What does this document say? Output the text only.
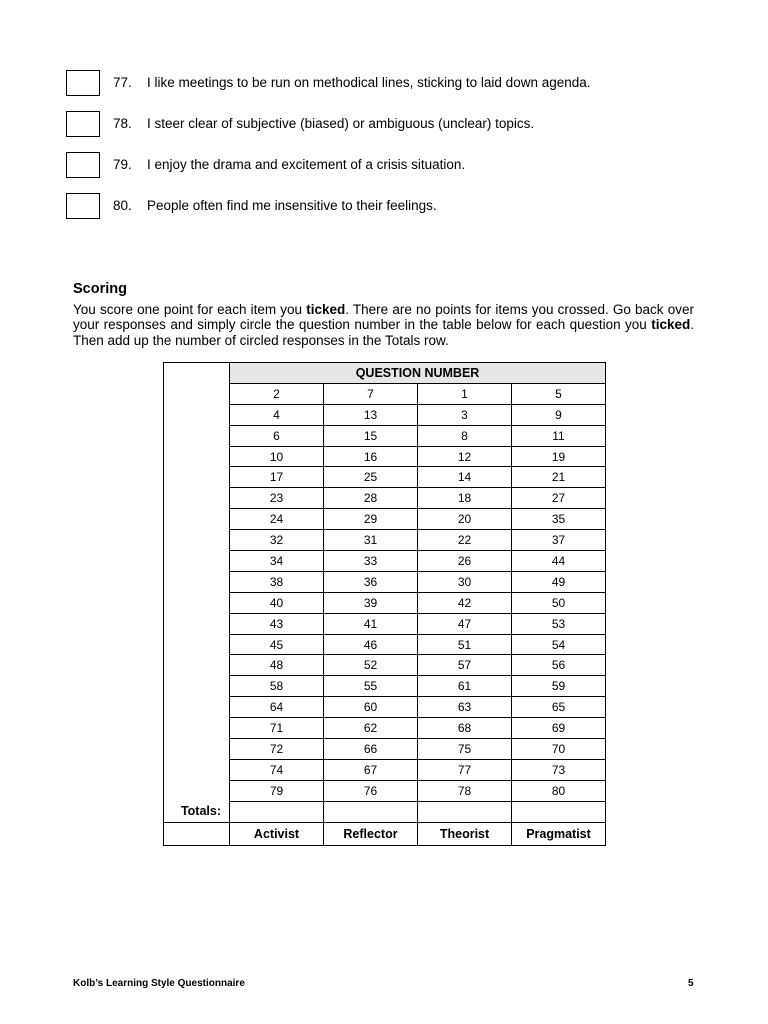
77. I like meetings to be run on methodical lines, sticking to laid down agenda.
78. I steer clear of subjective (biased) or ambiguous (unclear) topics.
79. I enjoy the drama and excitement of a crisis situation.
80. People often find me insensitive to their feelings.
Scoring
You score one point for each item you ticked. There are no points for items you crossed. Go back over your responses and simply circle the question number in the table below for each question you ticked. Then add up the number of circled responses in the Totals row.
	QUESTION NUMBER			
	2	7	1	5
	4	13	3	9
	6	15	8	11
	10	16	12	19
	17	25	14	21
	23	28	18	27
	24	29	20	35
	32	31	22	37
	34	33	26	44
	38	36	30	49
	40	39	42	50
	43	41	47	53
	45	46	51	54
	48	52	57	56
	58	55	61	59
	64	60	63	65
	71	62	68	69
	72	66	75	70
	74	67	77	73
	79	76	78	80
Totals:				
	Activist	Reflector	Theorist	Pragmatist
Kolb’s Learning Style Questionnaire	5
